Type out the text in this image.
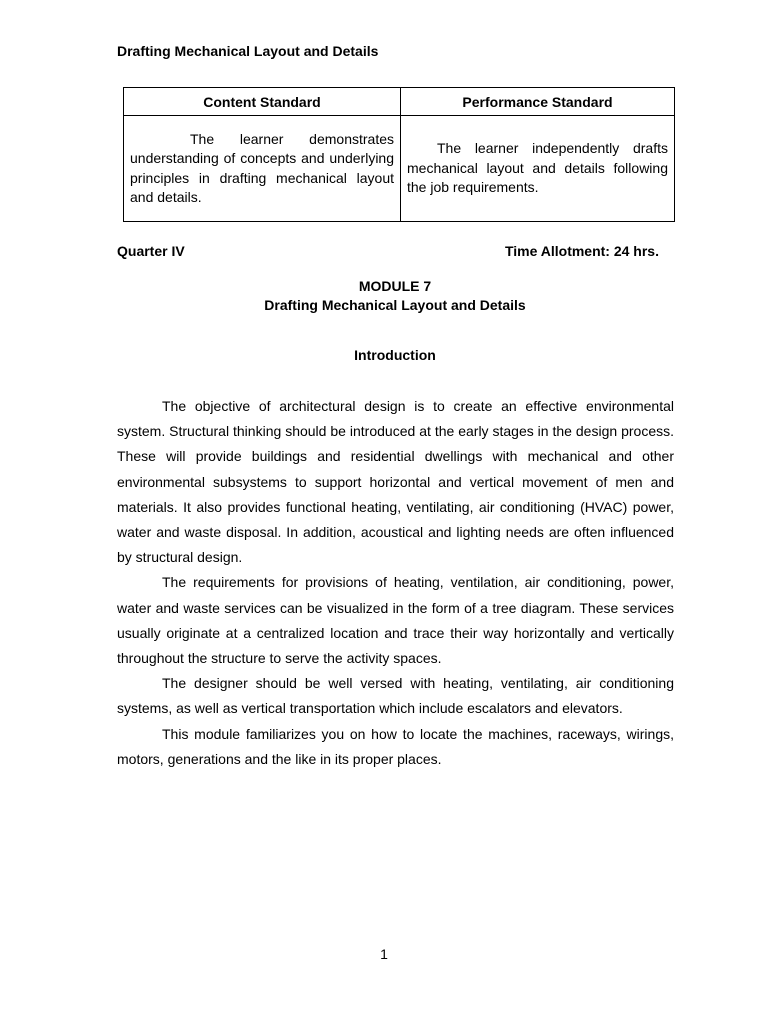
Drafting Mechanical Layout and Details
Content Standard	Performance Standard

The learner demonstrates understanding of concepts and underlying principles in drafting mechanical layout and details.	The learner independently drafts mechanical layout and details following the job requirements.
Quarter IV	Time Allotment: 24 hrs.
MODULE 7
Drafting Mechanical Layout and Details
Introduction

The objective of architectural design is to create an effective environmental system. Structural thinking should be introduced at the early stages in the design process. These will provide buildings and residential dwellings with mechanical and other environmental subsystems to support horizontal and vertical movement of men and materials. It also provides functional heating, ventilating, air conditioning (HVAC) power, water and waste disposal. In addition, acoustical and lighting needs are often influenced by structural design.

The requirements for provisions of heating, ventilation, air conditioning, power, water and waste services can be visualized in the form of a tree diagram. These services usually originate at a centralized location and trace their way horizontally and vertically throughout the structure to serve the activity spaces.

The designer should be well versed with heating, ventilating, air conditioning systems, as well as vertical transportation which include escalators and elevators.

This module familiarizes you on how to locate the machines, raceways, wirings, motors, generations and the like in its proper places.

1
